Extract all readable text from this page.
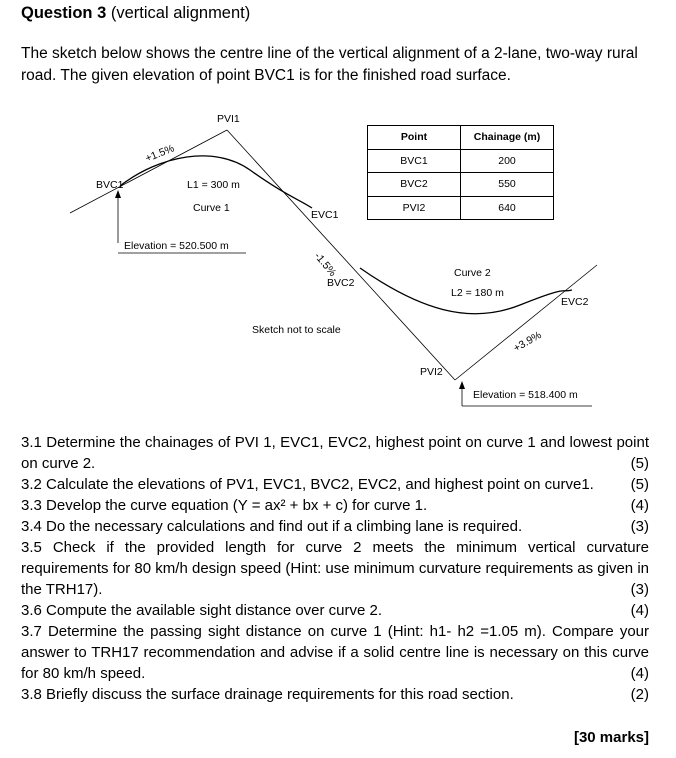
Question 3 (vertical alignment)
The sketch below shows the centre line of the vertical alignment of a 2-lane, two-way rural
road. The given elevation of point BVC1 is for the finished road surface.
PVI1
BVC1
+1.5%
L1 = 300 m
Curve 1
EVC1
Elevation = 520.500 m
-1.5%
BVC2
Sketch not to scale
Curve 2
L2 = 180 m
EVC2
+3.9%
PVI2
Elevation = 518.400 m
Point	Chainage (m)
BVC1	200
BVC2	550
PVI2	640
3.1 Determine the chainages of PVI 1, EVC1, EVC2, highest point on curve 1 and lowest point on curve 2.	(5)
3.2 Calculate the elevations of PV1, EVC1, BVC2, EVC2, and highest point on curve1.	(5)
3.3 Develop the curve equation (Y = ax² + bx + c) for curve 1.	(4)
3.4 Do the necessary calculations and find out if a climbing lane is required.	(3)
3.5 Check if the provided length for curve 2 meets the minimum vertical curvature requirements for 80 km/h design speed (Hint: use minimum curvature requirements as given in the TRH17).	(3)
3.6 Compute the available sight distance over curve 2.	(4)
3.7 Determine the passing sight distance on curve 1 (Hint: h1- h2 =1.05 m). Compare your answer to TRH17 recommendation and advise if a solid centre line is necessary on this curve for 80 km/h speed.	(4)
3.8 Briefly discuss the surface drainage requirements for this road section.	(2)
[30 marks]
